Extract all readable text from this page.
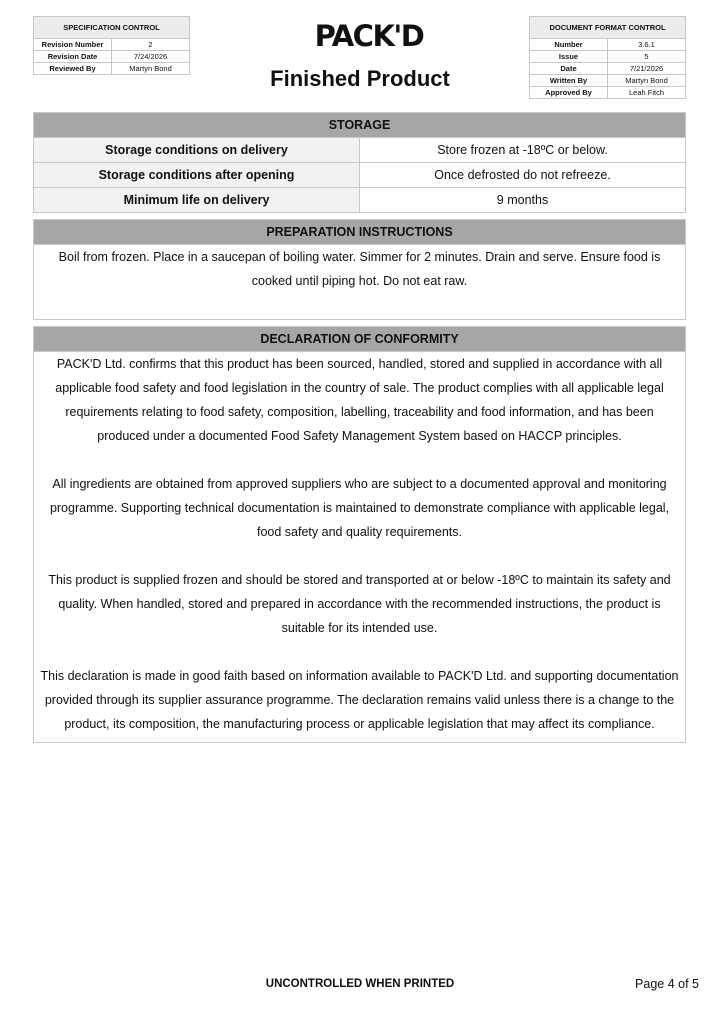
SPECIFICATION CONTROL	
Revision Number	2
Revision Date	7/24/2026
Reviewed By	Martyn Bond
PACK'D
Finished Product
DOCUMENT FORMAT CONTROL	
Number	3.6.1
Issue	5
Date	7/21/2026
Written By	Martyn Bond
Approved By	Leah Fitch
STORAGE
Storage conditions on delivery	Store frozen at -18ºC or below.
Storage conditions after opening	Once defrosted do not refreeze.
Minimum life on delivery	9 months
PREPARATION INSTRUCTIONS

Boil from frozen. Place in a saucepan of boiling water. Simmer for 2 minutes. Drain and serve. Ensure food is cooked until piping hot. Do not eat raw.

DECLARATION OF CONFORMITY

PACK'D Ltd. confirms that this product has been sourced, handled, stored and supplied in accordance with all applicable food safety and food legislation in the country of sale. The product complies with all applicable legal requirements relating to food safety, composition, labelling, traceability and food information, and has been produced under a documented Food Safety Management System based on HACCP principles.

All ingredients are obtained from approved suppliers who are subject to a documented approval and monitoring programme. Supporting technical documentation is maintained to demonstrate compliance with applicable legal, food safety and quality requirements.

This product is supplied frozen and should be stored and transported at or below -18ºC to maintain its safety and quality. When handled, stored and prepared in accordance with the recommended instructions, the product is suitable for its intended use.

This declaration is made in good faith based on information available to PACK'D Ltd. and supporting documentation provided through its supplier assurance programme. The declaration remains valid unless there is a change to the product, its composition, the manufacturing process or applicable legislation that may affect its compliance.

UNCONTROLLED WHEN PRINTED	Page 4 of 5
